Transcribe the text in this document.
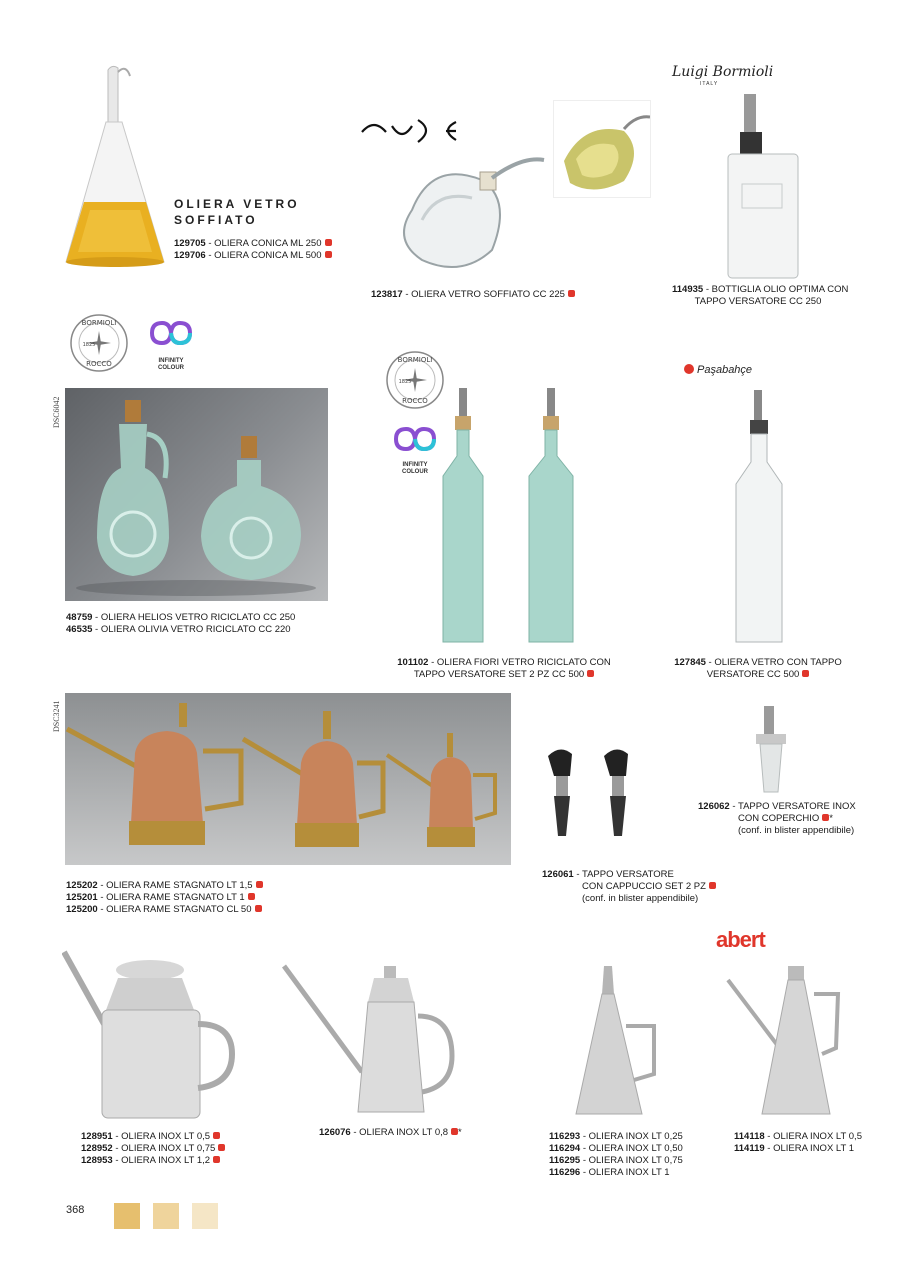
OLIERA VETRO
SOFFIATO
129705 - OLIERA CONICA ML 250
129706 - OLIERA CONICA ML 500
123817 - OLIERA VETRO SOFFIATO CC 225
Luigi Bormioli
ITALY
114935 - BOTTIGLIA OLIO OPTIMA CON
TAPPO VERSATORE CC 250
BORMIOLI
1825
ROCCO	INFINITY
COLOUR
DSC6042
48759 - OLIERA HELIOS VETRO RICICLATO CC 250
46535 - OLIERA OLIVIA VETRO RICICLATO CC 220
BORMIOLI
1825
ROCCO
INFINITY
COLOUR
101102 - OLIERA FIORI VETRO RICICLATO CON
TAPPO VERSATORE SET 2 PZ CC 500
Paşabahçe
127845 - OLIERA VETRO CON TAPPO
VERSATORE CC 500
DSC3241
125202 - OLIERA RAME STAGNATO LT 1,5
125201 - OLIERA RAME STAGNATO LT 1
125200 - OLIERA RAME STAGNATO CL 50
126061 - TAPPO VERSATORE
CON CAPPUCCIO SET 2 PZ
(conf. in blister appendibile)
126062 - TAPPO VERSATORE INOX
CON COPERCHIO *
(conf. in blister appendibile)
abert
128951 - OLIERA INOX LT 0,5
128952 - OLIERA INOX LT 0,75
128953 - OLIERA INOX LT 1,2
126076 - OLIERA INOX LT 0,8 *	116293 - OLIERA INOX LT 0,25
116294 - OLIERA INOX LT 0,50
116295 - OLIERA INOX LT 0,75
116296 - OLIERA INOX LT 1
114118 - OLIERA INOX LT 0,5
114119 - OLIERA INOX LT 1
368
